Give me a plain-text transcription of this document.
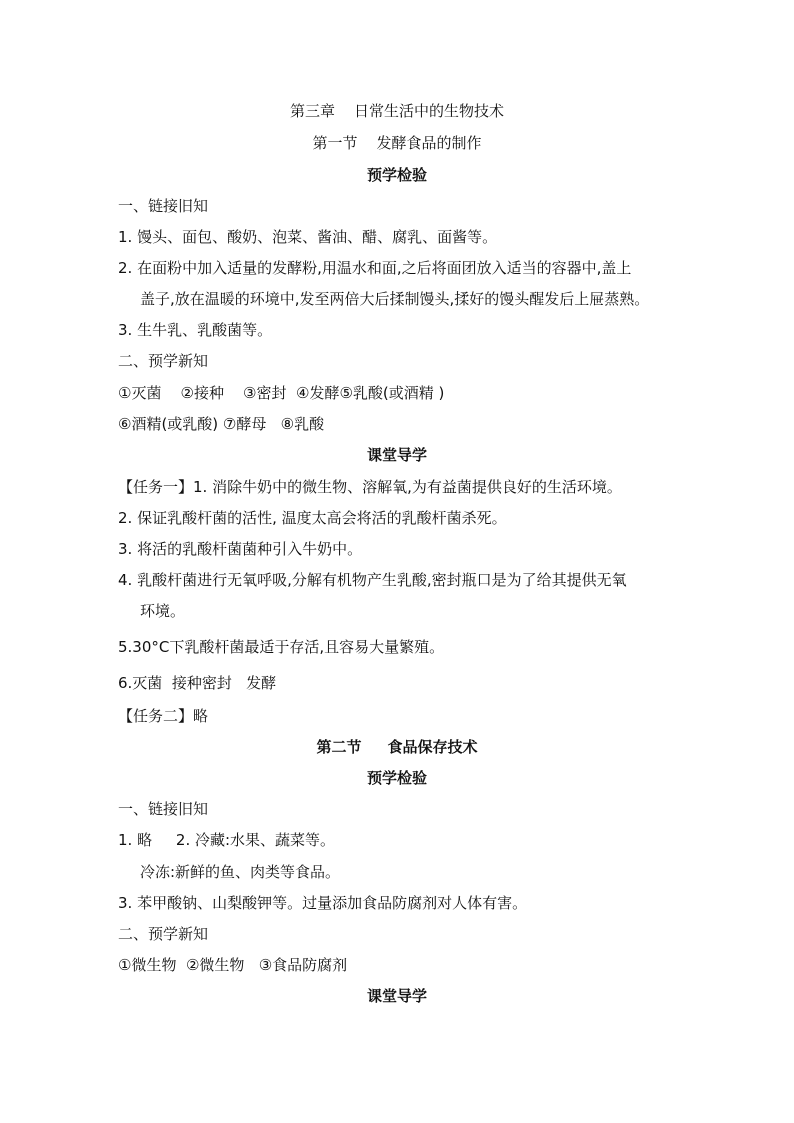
第三章    日常生活中的生物技术
第一节    发酵食品的制作
预学检验
一、链接旧知
1. 馒头、面包、酸奶、泡菜、酱油、醋、腐乳、面酱等。
2. 在面粉中加入适量的发酵粉,用温水和面,之后将面团放入适当的容器中,盖上
盖子,放在温暖的环境中,发至两倍大后揉制馒头,揉好的馒头醒发后上屉蒸熟。
3. 生牛乳、乳酸菌等。
二、预学新知
①灭菌    ②接种    ③密封  ④发酵⑤乳酸(或酒精 )
⑥酒精(或乳酸) ⑦酵母   ⑧乳酸
课堂导学
【任务一】1. 消除牛奶中的微生物、溶解氧,为有益菌提供良好的生活环境。
2. 保证乳酸杆菌的活性, 温度太高会将活的乳酸杆菌杀死。
3. 将活的乳酸杆菌菌种引入牛奶中。
4. 乳酸杆菌进行无氧呼吸,分解有机物产生乳酸,密封瓶口是为了给其提供无氧
环境。
5.30°C下乳酸杆菌最适于存活,且容易大量繁殖。
6.灭菌  接种密封   发酵
【任务二】略
第二节     食品保存技术
预学检验
一、链接旧知
1. 略     2. 冷藏:水果、蔬菜等。
冷冻:新鲜的鱼、肉类等食品。
3. 苯甲酸钠、山梨酸钾等。过量添加食品防腐剂对人体有害。
二、预学新知
①微生物  ②微生物   ③食品防腐剂
课堂导学
